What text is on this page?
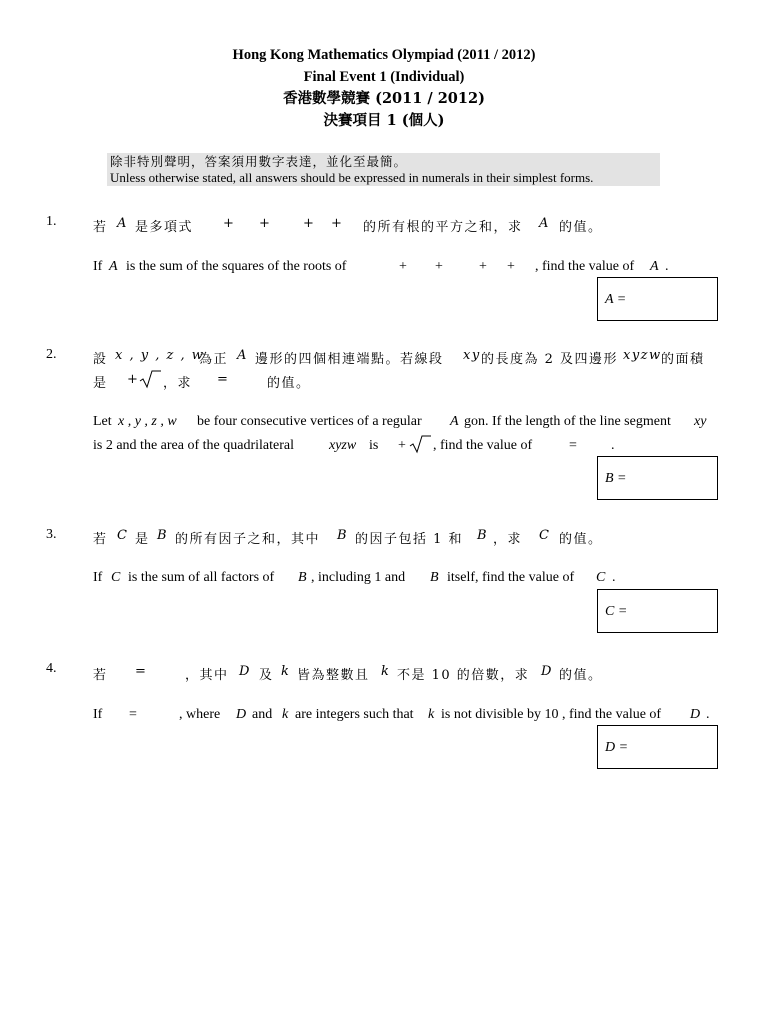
Hong Kong Mathematics Olympiad (2011 / 2012)
Final Event 1 (Individual)
香港數學競賽 (2011 / 2012)
決賽項目 1 (個人)
除非特別聲明，答案須用數字表達，並化至最簡。
Unless otherwise stated, all answers should be expressed in numerals in their simplest forms.
1.	若 A 是多項式 + + + + 的所有根的平方之和，求 A 的值。
If A is the sum of the squares of the roots of	+ +	+ + , find the value of A .
A =
2.	設 x , y , z , w
為正 A 邊形的四個相連端點。若線段 xy 的長度為 2 及四邊形 xyzw 的面積
是 + ，求 =	的值。
Let x , y , z , w be four consecutive vertices of a regular A gon. If the length of the line segment xy
is 2 and the area of the quadrilateral	xyzw is + , find the value of	= .
B =
3.	若 C 是 B 的所有因子之和，其中 B 的因子包括 1 和 B ，求 C 的值。
If C is the sum of all factors of B , including 1 and B itself, find the value of C .
C =
4.	若 =	，其中 D 及 k 皆為整數且 k 不是 10 的倍數，求 D 的值。
If =	, where D and k are integers such that k is not divisible by 10 , find the value of D .
D =
